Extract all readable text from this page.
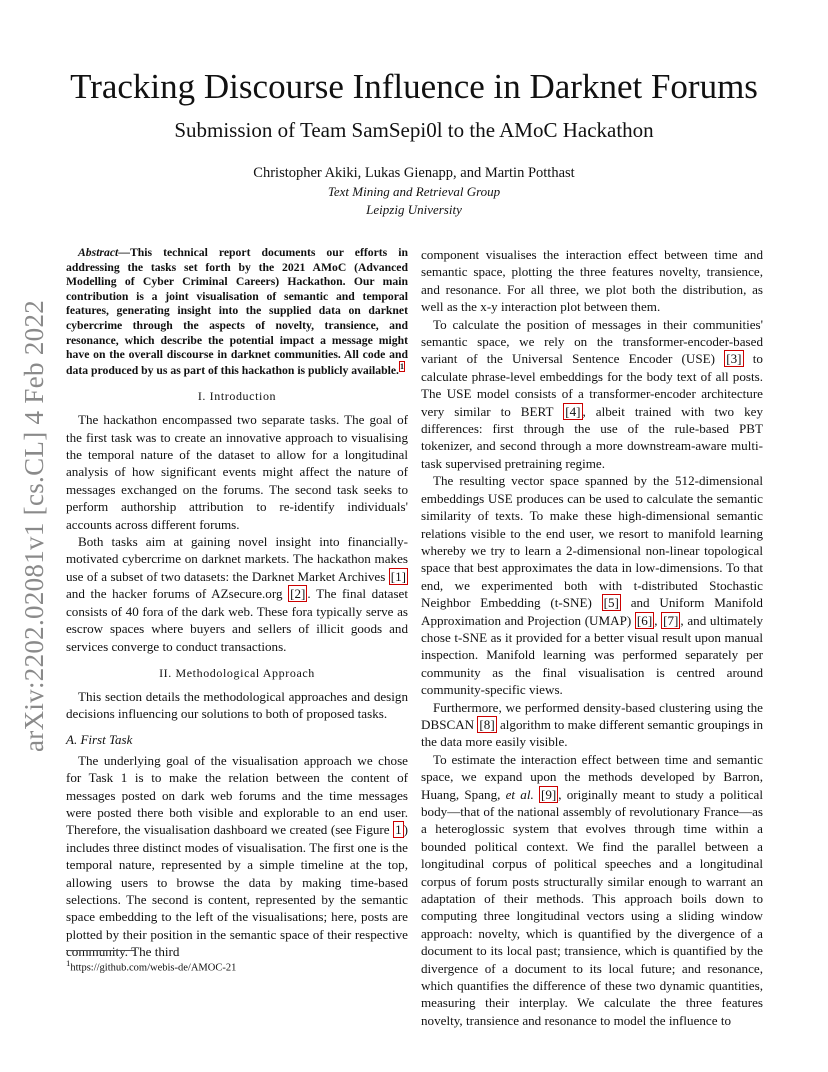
arXiv:2202.02081v1 [cs.CL] 4 Feb 2022
Tracking Discourse Influence in Darknet Forums
Submission of Team SamSepi0l to the AMoC Hackathon
Christopher Akiki, Lukas Gienapp, and Martin Potthast
Text Mining and Retrieval Group
Leipzig University

Abstract—This technical report documents our efforts in addressing the tasks set forth by the 2021 AMoC (Advanced Modelling of Cyber Criminal Careers) Hackathon. Our main contribution is a joint visualisation of semantic and temporal features, generating insight into the supplied data on darknet cybercrime through the aspects of novelty, transience, and resonance, which describe the potential impact a message might have on the overall discourse in darknet communities. All code and data produced by us as part of this hackathon is publicly available.$^1$

I. Introduction

The hackathon encompassed two separate tasks. The goal of the first task was to create an innovative approach to visualising the temporal nature of the dataset to allow for a longitudinal analysis of how significant events might affect the nature of messages exchanged on the forums. The second task seeks to perform authorship attribution to re-identify individuals' accounts across different forums.

Both tasks aim at gaining novel insight into financially-motivated cybercrime on darknet markets. The hackathon makes use of a subset of two datasets: the Darknet Market Archives [1] and the hacker forums of AZsecure.org [2] . The final dataset consists of 40 fora of the dark web. These fora typically serve as escrow spaces where buyers and sellers of illicit goods and services converge to conduct transactions.

II. Methodological Approach

This section details the methodological approaches and design decisions influencing our solutions to both of proposed tasks.

A. First Task

The underlying goal of the visualisation approach we chose for Task 1 is to make the relation between the content of messages posted on dark web forums and the time messages were posted there both visible and explorable to an end user. Therefore, the visualisation dashboard we created (see Figure 1 ) includes three distinct modes of visualisation. The first one is the temporal nature, represented by a simple timeline at the top, allowing users to browse the data by making time-based selections. The second is content, represented by the semantic space embedding to the left of the visualisations; here, posts are plotted by their position in the semantic space of their respective community. The third

component visualises the interaction effect between time and semantic space, plotting the three features novelty, transience, and resonance. For all three, we plot both the distribution, as well as the x-y interaction plot between them.

To calculate the position of messages in their communities' semantic space, we rely on the transformer-encoder-based variant of the Universal Sentence Encoder (USE) [3] to calculate phrase-level embeddings for the body text of all posts. The USE model consists of a transformer-encoder architecture very similar to BERT [4] , albeit trained with two key differences: first through the use of the rule-based PBT tokenizer, and second through a more downstream-aware multi-task supervised pretraining regime.

The resulting vector space spanned by the 512-dimensional embeddings USE produces can be used to calculate the semantic similarity of texts. To make these high-dimensional semantic relations visible to the end user, we resort to manifold learning whereby we try to learn a 2-dimensional non-linear topological space that best approximates the data in low-dimensions. To that end, we experimented both with t-distributed Stochastic Neighbor Embedding (t-SNE) [5] and Uniform Manifold Approximation and Projection (UMAP) [6] , [7] , and ultimately chose t-SNE as it provided for a better visual result upon manual inspection. Manifold learning was performed separately per community as the final visualisation is centred around community-specific views.

Furthermore, we performed density-based clustering using the DBSCAN [8] algorithm to make different semantic groupings in the data more easily visible.

To estimate the interaction effect between time and semantic space, we expand upon the methods developed by Barron, Huang, Spang, et al. [9] , originally meant to study a political body—that of the national assembly of revolutionary France—as a heteroglossic system that evolves through time within a bounded political context. We find the parallel between a longitudinal corpus of political speeches and a longitudinal corpus of forum posts structurally similar enough to warrant an adaptation of their methods. This approach boils down to computing three longitudinal vectors using a sliding window approach: novelty, which is quantified by the divergence of a document to its local past; transience, which is quantified by the divergence of a document to its local future; and resonance, which quantifies the difference of these two dynamic quantities, measuring their interplay. We calculate the three features novelty, transience and resonance to model the influence to

$^1$https://github.com/webis-de/AMOC-21
